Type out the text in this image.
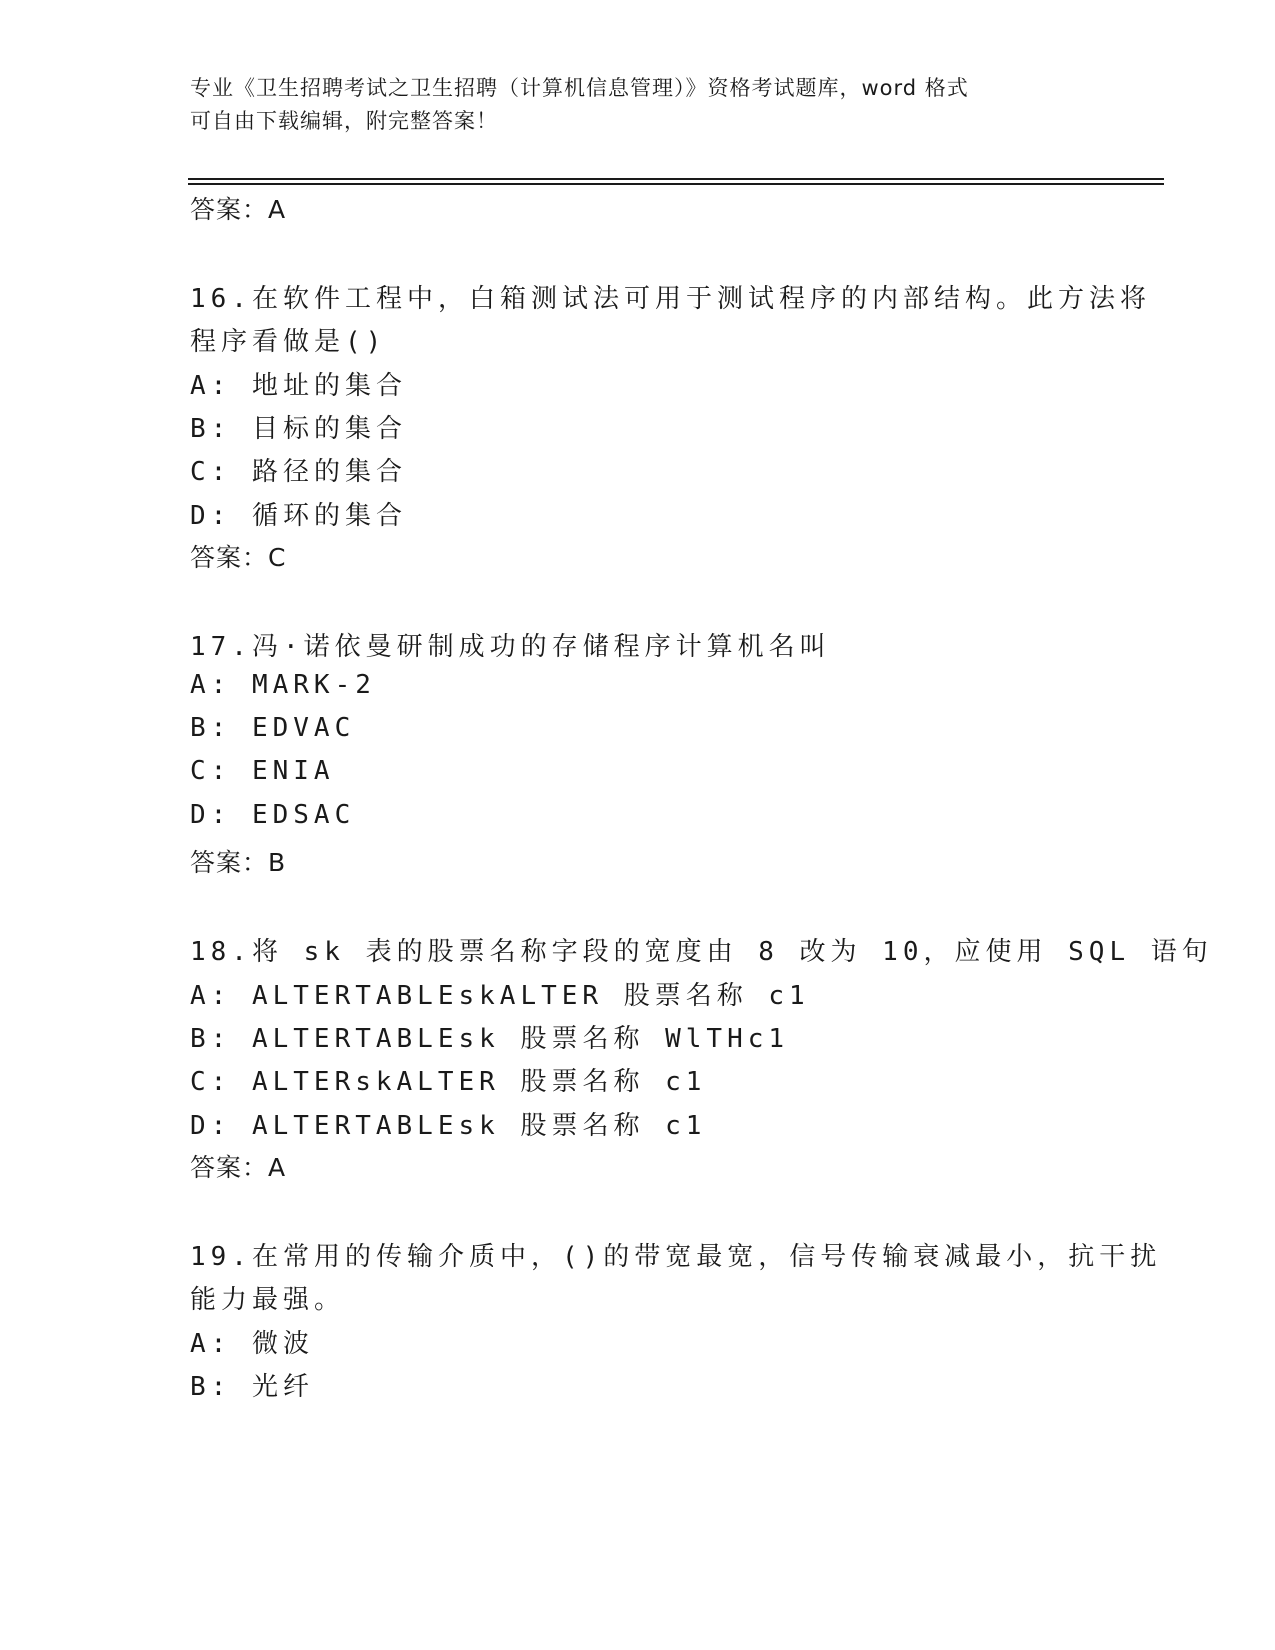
专业《卫生招聘考试之卫生招聘（计算机信息管理）》资格考试题库，word 格式
可自由下载编辑，附完整答案！
答案：A
16.在软件工程中，白箱测试法可用于测试程序的内部结构。此方法将
程序看做是()
A: 地址的集合
B: 目标的集合
C: 路径的集合
D: 循环的集合
答案：C
17.冯·诺依曼研制成功的存储程序计算机名叫
A: MARK-2
B: EDVAC
C: ENIA
D: EDSAC
答案：B
18.将 sk 表的股票名称字段的宽度由 8 改为 10，应使用 SQL 语句
A: ALTERTABLEskALTER 股票名称 c1
B: ALTERTABLEsk 股票名称 WlTHc1
C: ALTERskALTER 股票名称 c1
D: ALTERTABLEsk 股票名称 c1
答案：A
19.在常用的传输介质中，()的带宽最宽，信号传输衰减最小，抗干扰
能力最强。
A: 微波
B: 光纤
